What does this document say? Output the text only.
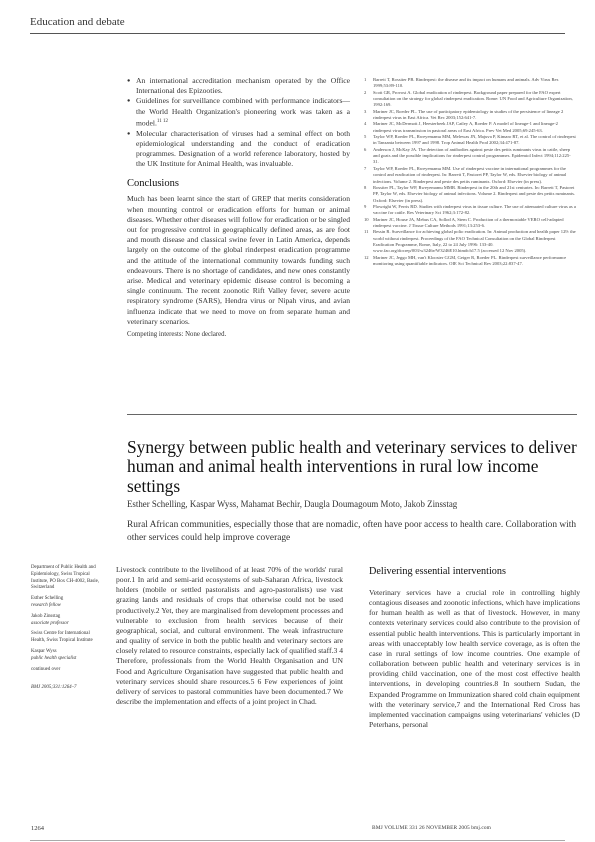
Education and debate

● An international accreditation mechanism operated by the Office International des Epizooties.

● Guidelines for surveillance combined with performance indicators—the World Health Organization's pioneering work was taken as a model.$^{11 12}$

● Molecular characterisation of viruses had a seminal effect on both epidemiological understanding and the conduct of eradication programmes. Designation of a world reference laboratory, hosted by the UK Institute for Animal Health, was invaluable.

Conclusions

Much has been learnt since the start of GREP that merits consideration when mounting control or eradication efforts for human or animal diseases. Whether other diseases will follow for eradication or be singled out for progressive control in geographically defined areas, as are foot and mouth disease and classical swine fever in Latin America, depends largely on the outcome of the global rinderpest eradication programme and the attitude of the international community towards funding such endeavours. There is no shortage of candidates, and new ones constantly arise. Medical and veterinary epidemic disease control is becoming a single continuum. The recent zoonotic Rift Valley fever, severe acute respiratory syndrome (SARS), Hendra virus or Nipah virus, and avian influenza indicate that we need to move on from separate human and veterinary scenarios.

Competing interests: None declared.

1	Barrett T, Rossiter PB. Rinderpest: the disease and its impact on humans and animals. Adv Virus Res 1999;53:89-110.
2	Scott GR, Provost A. Global eradication of rinderpest. Background paper prepared for the FAO expert consultation on the strategy for global rinderpest eradication. Rome: UN Food and Agriculture Organization, 1992:169.
3	Mariner JC, Roeder PL. The use of participatory epidemiology in studies of the persistence of lineage 2 rinderpest virus in East Africa. Vet Rec 2003;152:641-7.
4	Mariner JC, McDermott J, Heesterbeek JAP, Catley A, Roeder P. A model of lineage-1 and lineage-2 rinderpest virus transmission in pastoral areas of East Africa. Prev Vet Med 2005;69:245-63.
5	Taylor WP, Roeder PL, Rweyemamu MM, Melewas JN, Majuva P, Kimaro RT, et al. The control of rinderpest in Tanzania between 1997 and 1998. Trop Animal Health Prod 2002;34:471-87.
6	Anderson J, McKay JA. The detection of antibodies against peste des petits ruminants virus in cattle, sheep and goats and the possible implications for rinderpest control programmes. Epidemiol Infect 1994;112:225-31.
7	Taylor WP, Roeder PL, Rweyemamu MM. Use of rinderpest vaccine in international programmes for the control and eradication of rinderpest. In: Barrett T, Pastoret PP, Taylor W, eds. Elsevier biology of animal infections. Volume 2. Rinderpest and peste des petits ruminants. Oxford: Elsevier (in press).
8	Rossiter PL, Taylor WP, Rweyemamu MMR. Rinderpest in the 20th and 21st centuries. In: Barrett T, Pastoret PP, Taylor W, eds. Elsevier biology of animal infections. Volume 2. Rinderpest and peste des petits ruminants. Oxford: Elsevier (in press).
9	Plowright W, Ferris RD. Studies with rinderpest virus in tissue culture. The use of attenuated culture virus as a vaccine for cattle. Res Veterinary Sci 1962;3:172-82.
10 Mariner JC, House JA, Mebus CA, Sollod A, Stem C. Production of a thermostable VERO cell-adapted rinderpest vaccine. J Tissue Culture Methods 1991;13:253-6.
11 Bessin R. Surveillance for achieving global polio eradication. In: Animal production and health paper 129: the world without rinderpest. Proceedings of the FAO Technical Consultation on the Global Rinderpest Eradication Programme, Rome, Italy, 22 to 24 July 1996: 133-40. www.fao.org/docrep/003/w3246e/W3246E10.htm#ch17.5 (accessed 12 Nov 2005).
12 Mariner JC, Jeggo MH, van't Klooster GGM, Geiger R, Roeder PL. Rinderpest surveillance performance monitoring using quantifiable indicators. OIE Sci Technical Rev 2003;22:837-47.
Synergy between public health and veterinary services to deliver human and animal health interventions in rural low income settings
Esther Schelling, Kaspar Wyss, Mahamat Bechir, Daugla Doumagoum Moto, Jakob Zinsstag
Rural African communities, especially those that are nomadic, often have poor access to health care. Collaboration with other services could help improve coverage
Department of Public Health and Epidemiology, Swiss Tropical Institute, PO Box CH-4002, Basle, Switzerland
Esther Schelling
research fellow
Jakob Zinsstag
associate professor
Swiss Centre for International Health, Swiss Tropical Institute
Kaspar Wyss
public health specialist
continued over
BMJ 2005;331:1264–7
Livestock contribute to the livelihood of at least 70% of the worlds' rural poor.1 In arid and semi-arid ecosystems of sub-Saharan Africa, livestock holders (mobile or settled pastoralists and agro-pastoralists) use vast grazing lands and residuals of crops that otherwise could not be used productively.2 Yet, they are marginalised from development processes and vulnerable to exclusion from health services because of their geographical, social, and cultural environment. The weak infrastructure and quality of service in both the public health and veterinary sectors are closely related to resource constraints, especially lack of qualified staff.3 4 Therefore, professionals from the World Health Organisation and UN Food and Agriculture Organisation have suggested that public health and veterinary services should share resources.5 6 Few experiences of joint delivery of services to pastoral communities have been documented.7 We describe the implementation and effects of a joint project in Chad.
Delivering essential interventions

Veterinary services have a crucial role in controlling highly contagious diseases and zoonotic infections, which have implications for human health as well as that of livestock. However, in many contexts veterinary services could also contribute to the provision of essential public health interventions. This is particularly important in areas with unacceptably low health service coverage, as is often the case in rural settings of low income countries. One example of collaboration between public health and veterinary services is in providing child vaccination, one of the most cost effective health interventions, in developing countries.8 In southern Sudan, the Expanded Programme on Immunization shared cold chain equipment with the veterinary service,7 and the International Red Cross has implemented vaccination campaigns using veterinarians' vehicles (D Peterhans, personal

1264	BMJ VOLUME 331 26 NOVEMBER 2005 bmj.com
